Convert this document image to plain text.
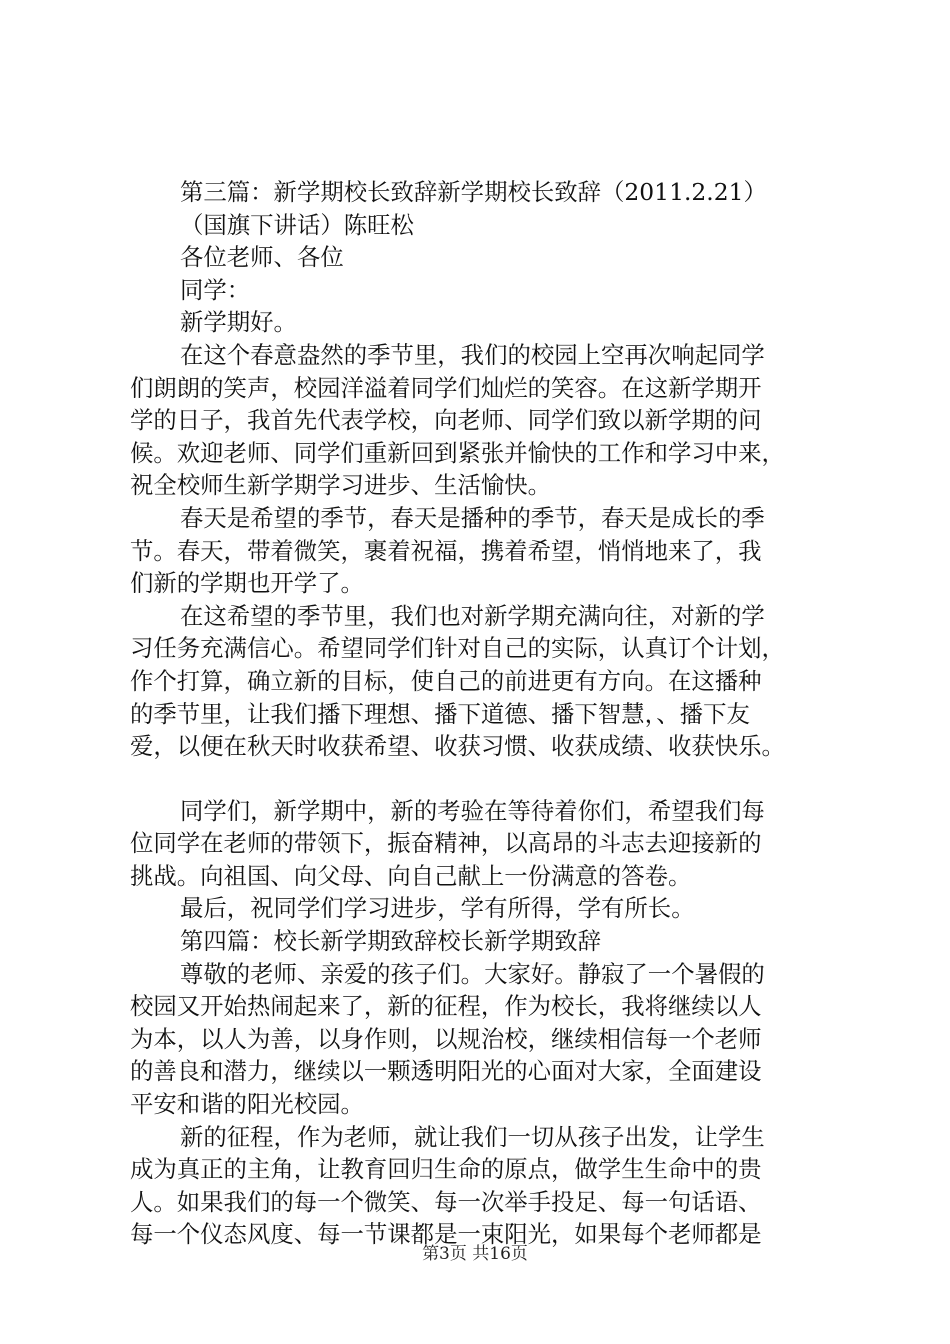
第三篇：新学期校长致辞新学期校长致辞（2011.2.21）
（国旗下讲话）陈旺松
各位老师、各位
同学：
新学期好。
在这个春意盎然的季节里，我们的校园上空再次响起同学
们朗朗的笑声，校园洋溢着同学们灿烂的笑容。在这新学期开
学的日子，我首先代表学校，向老师、同学们致以新学期的问
候。欢迎老师、同学们重新回到紧张并愉快的工作和学习中来，
祝全校师生新学期学习进步、生活愉快。
春天是希望的季节，春天是播种的季节，春天是成长的季
节。春天，带着微笑，裹着祝福，携着希望，悄悄地来了，我
们新的学期也开学了。
在这希望的季节里，我们也对新学期充满向往，对新的学
习任务充满信心。希望同学们针对自己的实际，认真订个计划，
作个打算，确立新的目标，使自己的前进更有方向。在这播种
的季节里，让我们播下理想、播下道德、播下智慧，、播下友
爱，以便在秋天时收获希望、收获习惯、收获成绩、收获快乐。
同学们，新学期中，新的考验在等待着你们，希望我们每
位同学在老师的带领下，振奋精神，以高昂的斗志去迎接新的
挑战。向祖国、向父母、向自己献上一份满意的答卷。
最后，祝同学们学习进步，学有所得，学有所长。
第四篇：校长新学期致辞校长新学期致辞
尊敬的老师、亲爱的孩子们。大家好。静寂了一个暑假的
校园又开始热闹起来了，新的征程，作为校长，我将继续以人
为本，以人为善，以身作则，以规治校，继续相信每一个老师
的善良和潜力，继续以一颗透明阳光的心面对大家，全面建设
平安和谐的阳光校园。
新的征程，作为老师，就让我们一切从孩子出发，让学生
成为真正的主角，让教育回归生命的原点，做学生生命中的贵
人。如果我们的每一个微笑、每一次举手投足、每一句话语、
每一个仪态风度、每一节课都是一束阳光，如果每个老师都是
第3页 共16页
